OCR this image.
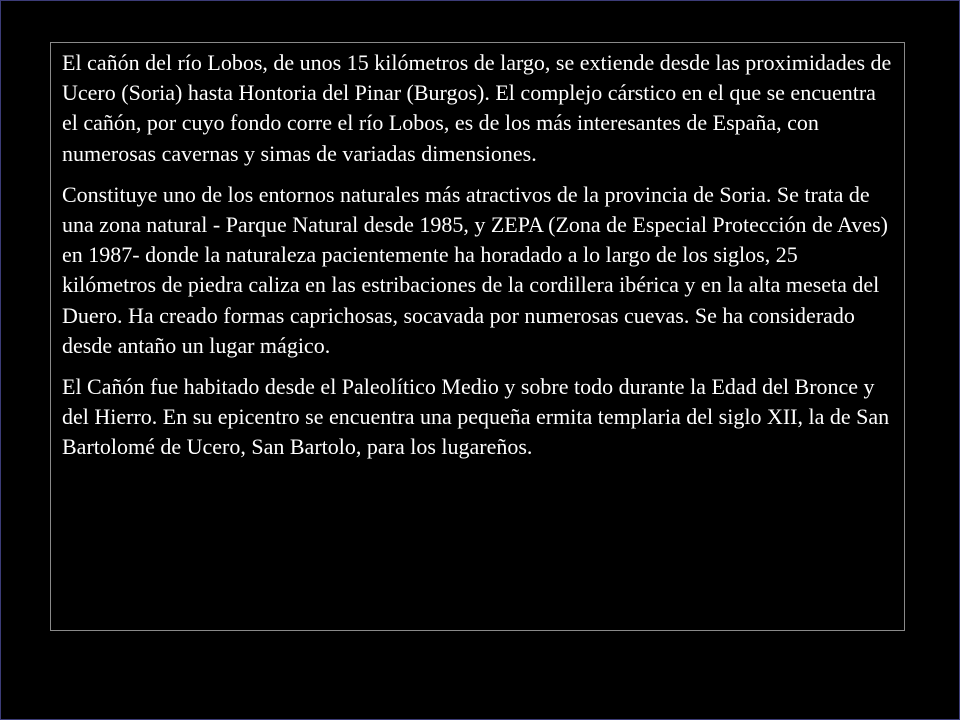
El cañón del río Lobos, de unos 15 kilómetros de largo, se extiende desde las proximidades de Ucero (Soria) hasta Hontoria del Pinar (Burgos). El complejo cárstico en el que se encuentra el cañón, por cuyo fondo corre el río Lobos, es de los más interesantes de España, con numerosas cavernas y simas de variadas dimensiones.

Constituye uno de los entornos naturales más atractivos de la provincia de Soria. Se trata de una zona natural - Parque Natural desde 1985, y ZEPA (Zona de Especial Protección de Aves) en 1987- donde la naturaleza pacientemente ha horadado a lo largo de los siglos, 25 kilómetros de piedra caliza en las estribaciones de la cordillera ibérica y en la alta meseta del Duero. Ha creado formas caprichosas, socavada por numerosas cuevas. Se ha considerado desde antaño un lugar mágico.

El Cañón fue habitado desde el Paleolítico Medio y sobre todo durante la Edad del Bronce y del Hierro. En su epicentro se encuentra una pequeña ermita templaria del siglo XII, la de San Bartolomé de Ucero, San Bartolo, para los lugareños.
